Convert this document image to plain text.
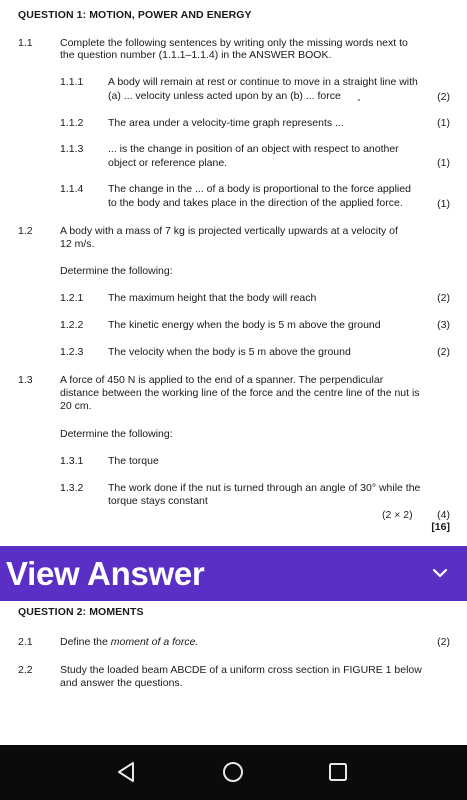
QUESTION 1: MOTION, POWER AND ENERGY
1.1	Complete the following sentences by writing only the missing words next to
the question number (1.1.1–1.1.4) in the ANSWER BOOK.
1.1.1 A body will remain at rest or continue to move in a straight line with
(a) ... velocity unless acted upon by an (b) ... force	(2)
1.1.2 The area under a velocity-time graph represents ...	(1)
1.1.3 ... is the change in position of an object with respect to another
object or reference plane.	(1)
1.1.4 The change in the ... of a body is proportional to the force applied
to the body and takes place in the direction of the applied force.	(1)
1.2	A body with a mass of 7 kg is projected vertically upwards at a velocity of
12 m/s.
Determine the following:
1.2.1 The maximum height that the body will reach	(2)
1.2.2 The kinetic energy when the body is 5 m above the ground	(3)
1.2.3 The velocity when the body is 5 m above the ground	(2)
1.3	A force of 450 N is applied to the end of a spanner. The perpendicular
distance between the working line of the force and the centre line of the nut is
20 cm.
Determine the following:
1.3.1 The torque
1.3.2 The work done if the nut is turned through an angle of 30° while the
torque stays constant
(2 × 2) (4)
[16]
View Answer
QUESTION 2: MOMENTS
2.1	Define the moment of a force.	(2)
2.2	Study the loaded beam ABCDE of a uniform cross section in FIGURE 1 below
and answer the questions.
